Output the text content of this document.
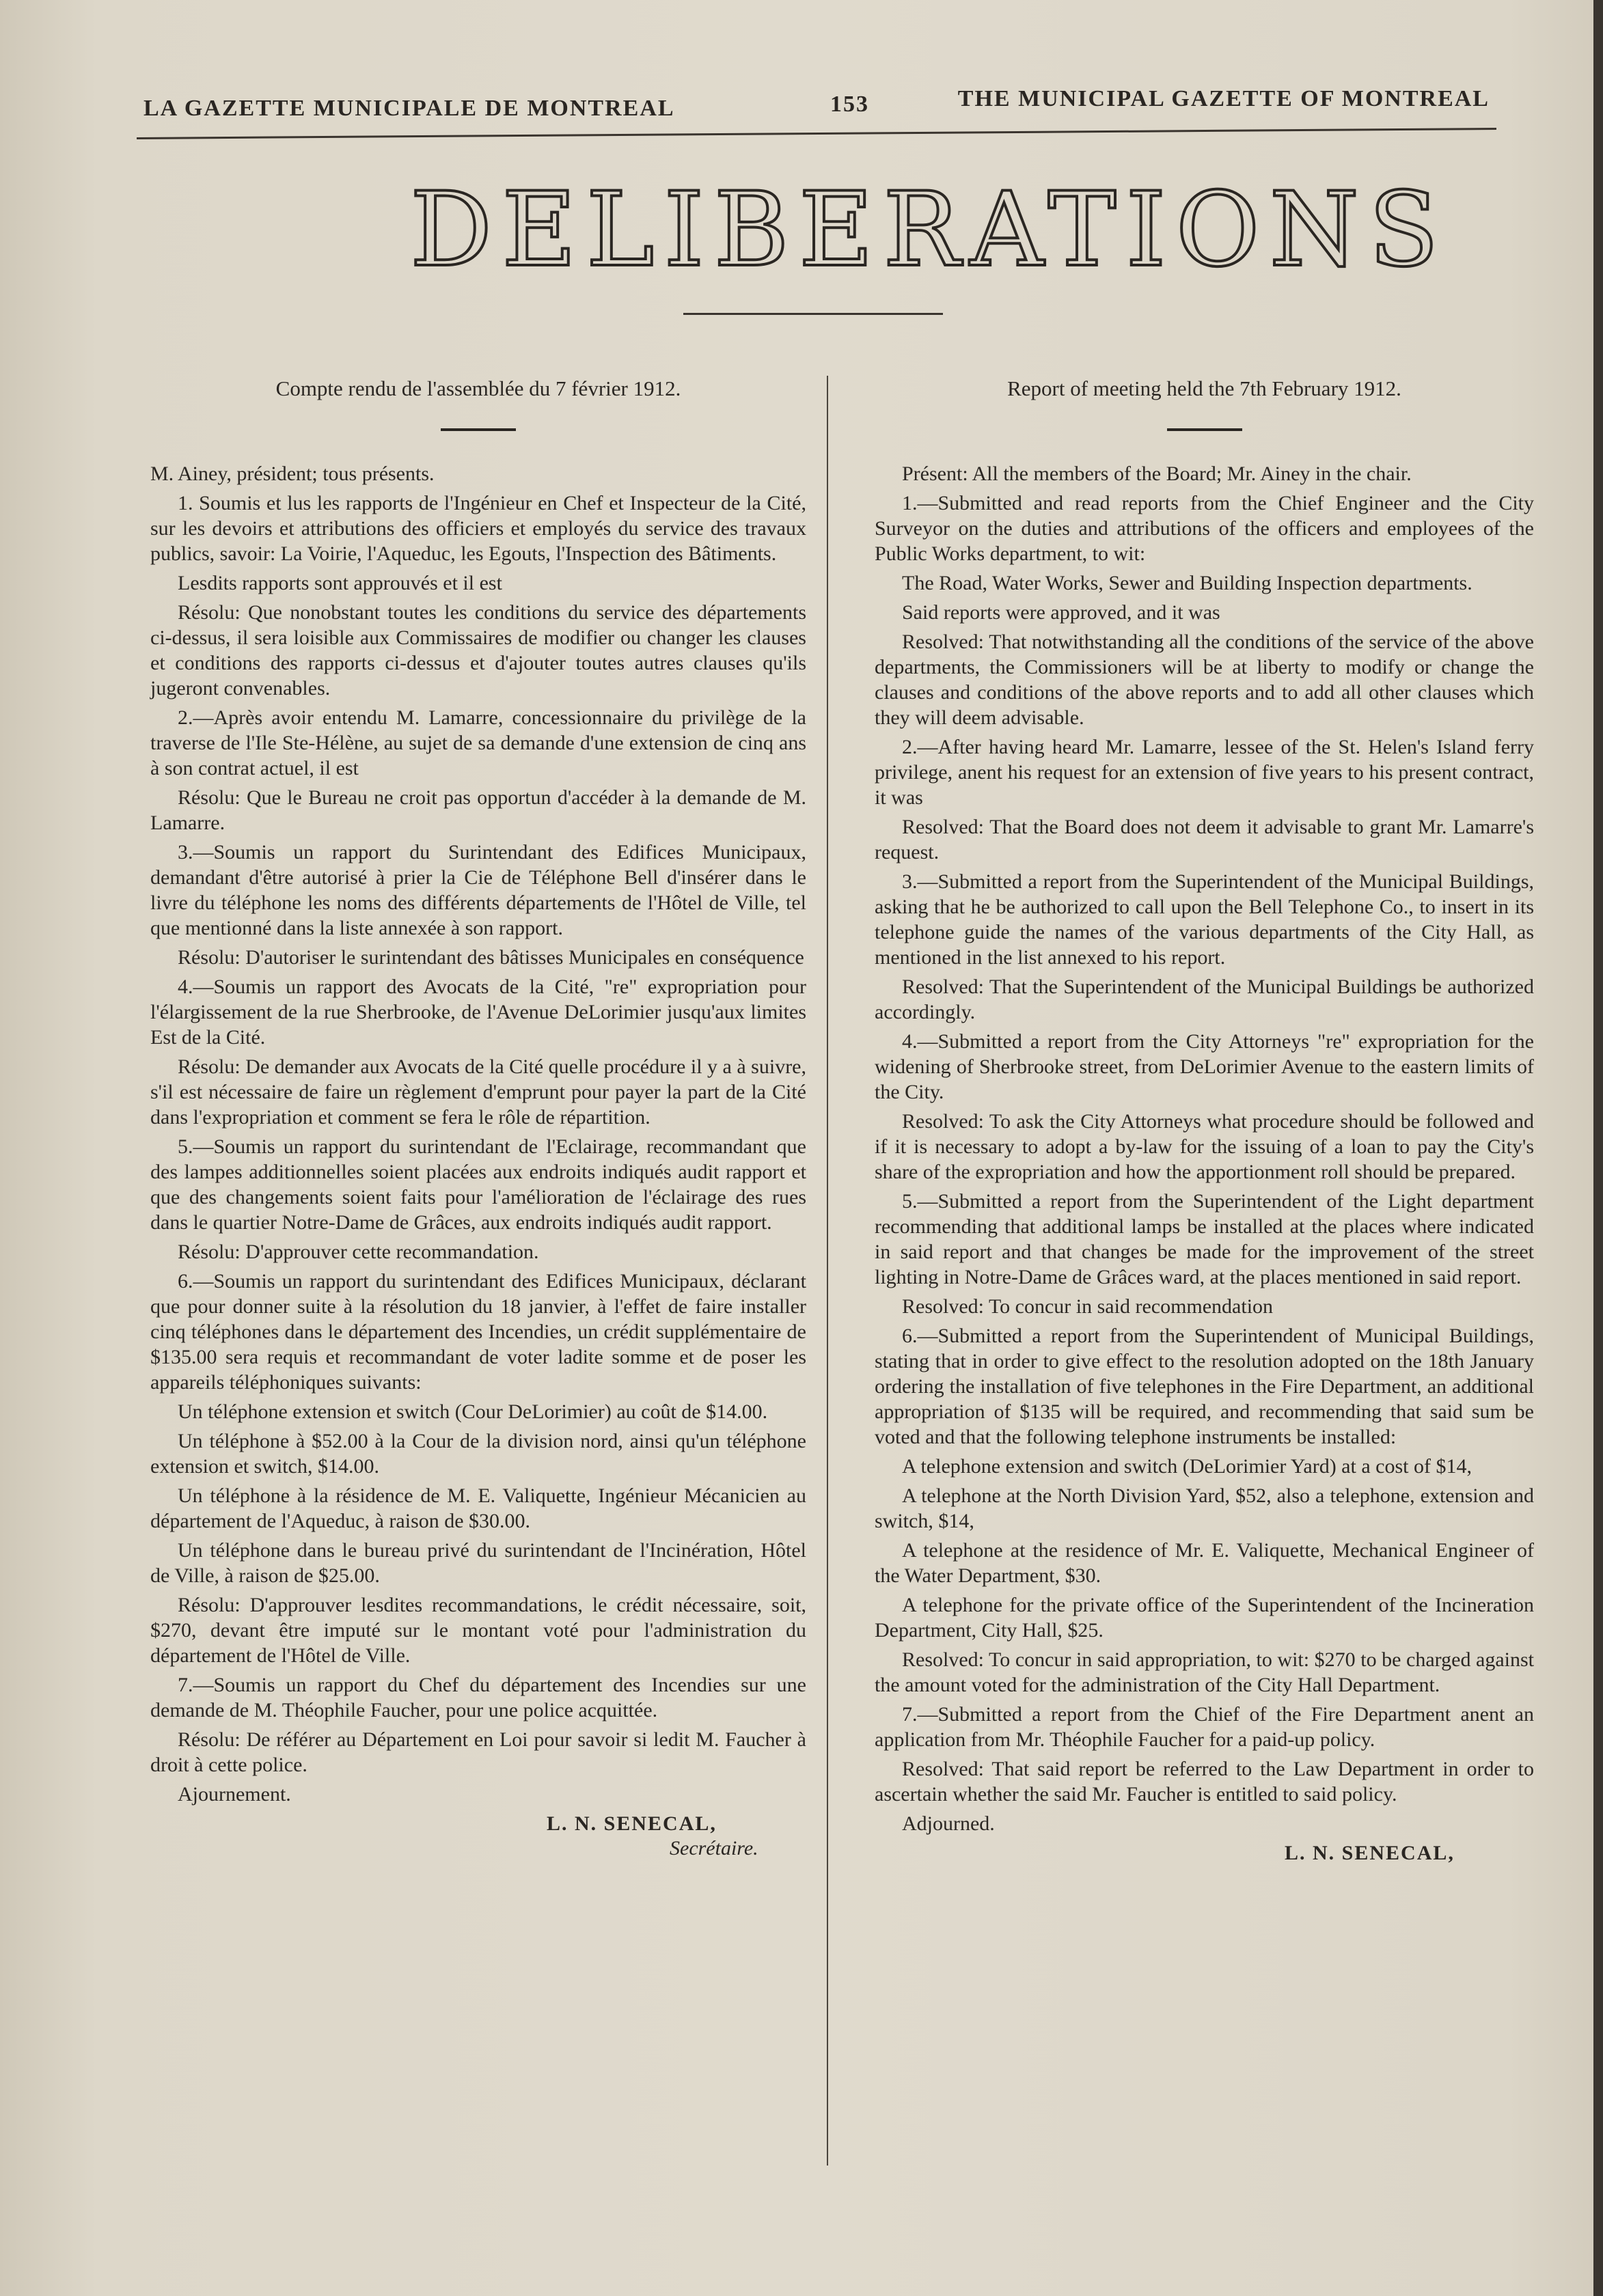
LA GAZETTE MUNICIPALE DE MONTREAL	153	THE MUNICIPAL GAZETTE OF MONTREAL
DELIBERATIONS
Compte rendu de l'assemblée du 7 février 1912.

M. Ainey, président; tous présents.

1. Soumis et lus les rapports de l'Ingénieur en Chef et Inspecteur de la Cité, sur les devoirs et attributions des officiers et employés du service des travaux publics, savoir: La Voirie, l'Aqueduc, les Egouts, l'Inspection des Bâtiments.

Lesdits rapports sont approuvés et il est

Résolu: Que nonobstant toutes les conditions du service des départements ci-dessus, il sera loisible aux Commissaires de modifier ou changer les clauses et conditions des rapports ci-dessus et d'ajouter toutes autres clauses qu'ils jugeront convenables.

2.—Après avoir entendu M. Lamarre, concessionnaire du privilège de la traverse de l'Ile Ste-Hélène, au sujet de sa demande d'une extension de cinq ans à son contrat actuel, il est

Résolu: Que le Bureau ne croit pas opportun d'accéder à la demande de M. Lamarre.

3.—Soumis un rapport du Surintendant des Edifices Municipaux, demandant d'être autorisé à prier la Cie de Téléphone Bell d'insérer dans le livre du téléphone les noms des différents départements de l'Hôtel de Ville, tel que mentionné dans la liste annexée à son rapport.

Résolu: D'autoriser le surintendant des bâtisses Municipales en conséquence

4.—Soumis un rapport des Avocats de la Cité, "re" expropriation pour l'élargissement de la rue Sherbrooke, de l'Avenue DeLorimier jusqu'aux limites Est de la Cité.

Résolu: De demander aux Avocats de la Cité quelle procédure il y a à suivre, s'il est nécessaire de faire un règlement d'emprunt pour payer la part de la Cité dans l'expropriation et comment se fera le rôle de répartition.

5.—Soumis un rapport du surintendant de l'Eclairage, recommandant que des lampes additionnelles soient placées aux endroits indiqués audit rapport et que des changements soient faits pour l'amélioration de l'éclairage des rues dans le quartier Notre-Dame de Grâces, aux endroits indiqués audit rapport.

Résolu: D'approuver cette recommandation.

6.—Soumis un rapport du surintendant des Edifices Municipaux, déclarant que pour donner suite à la résolution du 18 janvier, à l'effet de faire installer cinq téléphones dans le département des Incendies, un crédit supplémentaire de $135.00 sera requis et recommandant de voter ladite somme et de poser les appareils téléphoniques suivants:

Un téléphone extension et switch (Cour DeLorimier) au coût de $14.00.

Un téléphone à $52.00 à la Cour de la division nord, ainsi qu'un téléphone extension et switch, $14.00.

Un téléphone à la résidence de M. E. Valiquette, Ingénieur Mécanicien au département de l'Aqueduc, à raison de $30.00.

Un téléphone dans le bureau privé du surintendant de l'Incinération, Hôtel de Ville, à raison de $25.00.

Résolu: D'approuver lesdites recommandations, le crédit nécessaire, soit, $270, devant être imputé sur le montant voté pour l'administration du département de l'Hôtel de Ville.

7.—Soumis un rapport du Chef du département des Incendies sur une demande de M. Théophile Faucher, pour une police acquittée.

Résolu: De référer au Département en Loi pour savoir si ledit M. Faucher à droit à cette police.

Ajournement.

L. N. SENECAL,
Secrétaire.
Report of meeting held the 7th February 1912.

Présent: All the members of the Board; Mr. Ainey in the chair.

1.—Submitted and read reports from the Chief Engineer and the City Surveyor on the duties and attributions of the officers and employees of the Public Works department, to wit:

The Road, Water Works, Sewer and Building Inspection departments.

Said reports were approved, and it was

Resolved: That notwithstanding all the conditions of the service of the above departments, the Commissioners will be at liberty to modify or change the clauses and conditions of the above reports and to add all other clauses which they will deem advisable.

2.—After having heard Mr. Lamarre, lessee of the St. Helen's Island ferry privilege, anent his request for an extension of five years to his present contract, it was

Resolved: That the Board does not deem it advisable to grant Mr. Lamarre's request.

3.—Submitted a report from the Superintendent of the Municipal Buildings, asking that he be authorized to call upon the Bell Telephone Co., to insert in its telephone guide the names of the various departments of the City Hall, as mentioned in the list annexed to his report.

Resolved: That the Superintendent of the Municipal Buildings be authorized accordingly.

4.—Submitted a report from the City Attorneys "re" expropriation for the widening of Sherbrooke street, from DeLorimier Avenue to the eastern limits of the City.

Resolved: To ask the City Attorneys what procedure should be followed and if it is necessary to adopt a by-law for the issuing of a loan to pay the City's share of the expropriation and how the apportionment roll should be prepared.

5.—Submitted a report from the Superintendent of the Light department recommending that additional lamps be installed at the places where indicated in said report and that changes be made for the improvement of the street lighting in Notre-Dame de Grâces ward, at the places mentioned in said report.

Resolved: To concur in said recommendation

6.—Submitted a report from the Superintendent of Municipal Buildings, stating that in order to give effect to the resolution adopted on the 18th January ordering the installation of five telephones in the Fire Department, an additional appropriation of $135 will be required, and recommending that said sum be voted and that the following telephone instruments be installed:

A telephone extension and switch (DeLorimier Yard) at a cost of $14,

A telephone at the North Division Yard, $52, also a telephone, extension and switch, $14,

A telephone at the residence of Mr. E. Valiquette, Mechanical Engineer of the Water Department, $30.

A telephone for the private office of the Superintendent of the Incineration Department, City Hall, $25.

Resolved: To concur in said appropriation, to wit: $270 to be charged against the amount voted for the administration of the City Hall Department.

7.—Submitted a report from the Chief of the Fire Department anent an application from Mr. Théophile Faucher for a paid-up policy.

Resolved: That said report be referred to the Law Department in order to ascertain whether the said Mr. Faucher is entitled to said policy.

Adjourned.

L. N. SENECAL,
